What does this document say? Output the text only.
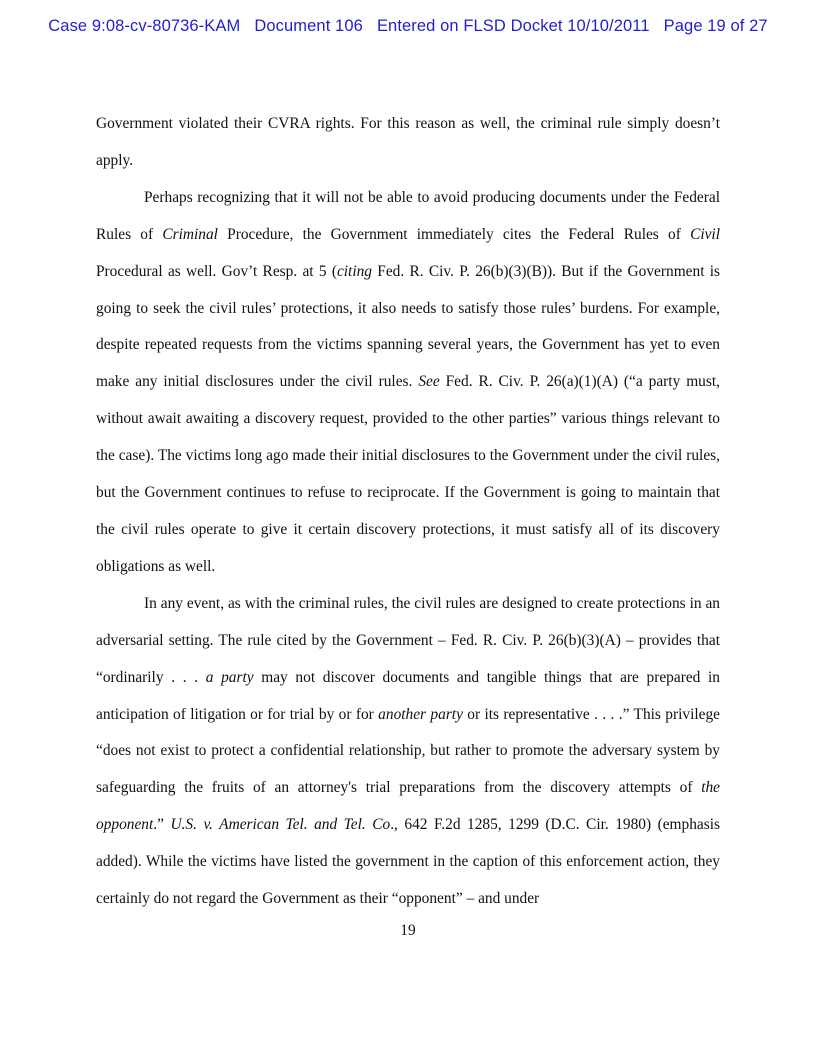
Case 9:08-cv-80736-KAM   Document 106   Entered on FLSD Docket 10/10/2011   Page 19 of 27

Government violated their CVRA rights. For this reason as well, the criminal rule simply doesn’t apply.

Perhaps recognizing that it will not be able to avoid producing documents under the Federal Rules of Criminal Procedure, the Government immediately cites the Federal Rules of Civil Procedural as well. Gov’t Resp. at 5 (citing Fed. R. Civ. P. 26(b)(3)(B)). But if the Government is going to seek the civil rules’ protections, it also needs to satisfy those rules’ burdens. For example, despite repeated requests from the victims spanning several years, the Government has yet to even make any initial disclosures under the civil rules. See Fed. R. Civ. P. 26(a)(1)(A) (“a party must, without await awaiting a discovery request, provided to the other parties” various things relevant to the case). The victims long ago made their initial disclosures to the Government under the civil rules, but the Government continues to refuse to reciprocate. If the Government is going to maintain that the civil rules operate to give it certain discovery protections, it must satisfy all of its discovery obligations as well.

In any event, as with the criminal rules, the civil rules are designed to create protections in an adversarial setting. The rule cited by the Government – Fed. R. Civ. P. 26(b)(3)(A) – provides that “ordinarily . . . a party may not discover documents and tangible things that are prepared in anticipation of litigation or for trial by or for another party or its representative . . . .” This privilege “does not exist to protect a confidential relationship, but rather to promote the adversary system by safeguarding the fruits of an attorney's trial preparations from the discovery attempts of the opponent.” U.S. v. American Tel. and Tel. Co., 642 F.2d 1285, 1299 (D.C. Cir. 1980) (emphasis added). While the victims have listed the government in the caption of this enforcement action, they certainly do not regard the Government as their “opponent” – and under

19
